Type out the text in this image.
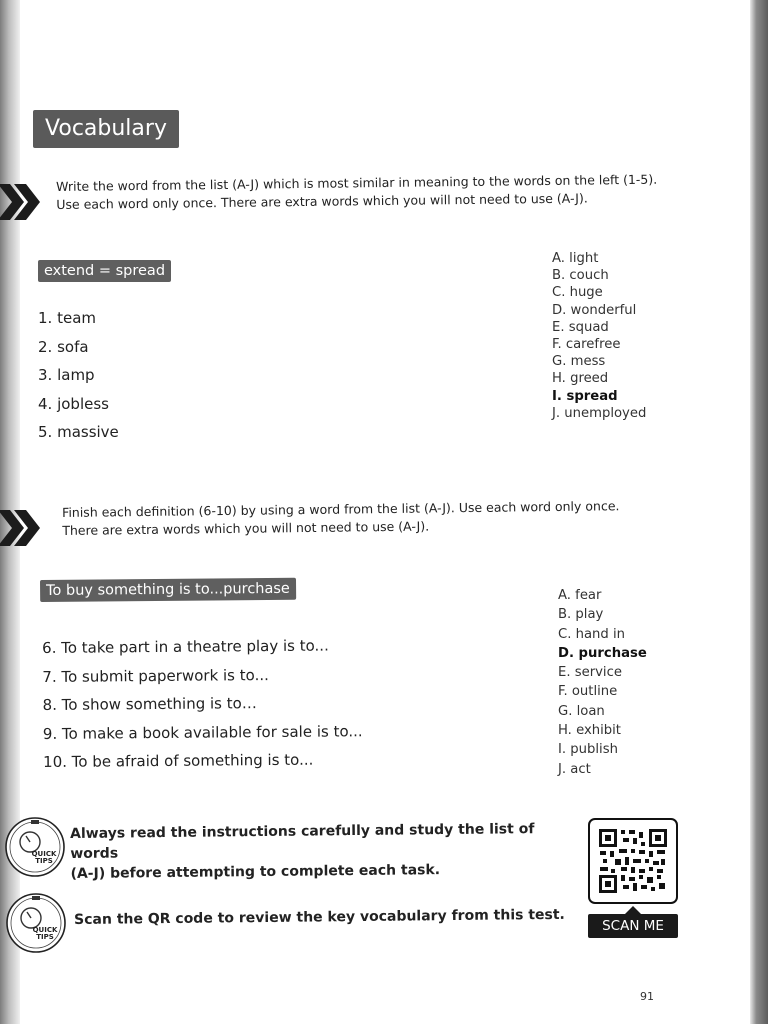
Vocabulary
Write the word from the list (A-J) which is most similar in meaning to the words on the left (1-5).
Use each word only once. There are extra words which you will not need to use (A-J).
extend = spread
1. team
2. sofa
3. lamp
4. jobless
5. massive
A. light
B. couch
C. huge
D. wonderful
E. squad
F. carefree
G. mess
H. greed
I. spread
J. unemployed
Finish each definition (6-10) by using a word from the list (A-J). Use each word only once.
There are extra words which you will not need to use (A-J).
To buy something is to...purchase
6. To take part in a theatre play is to...
7. To submit paperwork is to...
8. To show something is to…
9. To make a book available for sale is to...
10. To be afraid of something is to...
A. fear
B. play
C. hand in
D. purchase
E. service
F. outline
G. loan
H. exhibit
I. publish
J. act
QUICK
TIPS
Always read the instructions carefully and study the list of words
(A-J) before attempting to complete each task.
QUICK
TIPS
Scan the QR code to review the key vocabulary from this test.	SCAN ME
91
